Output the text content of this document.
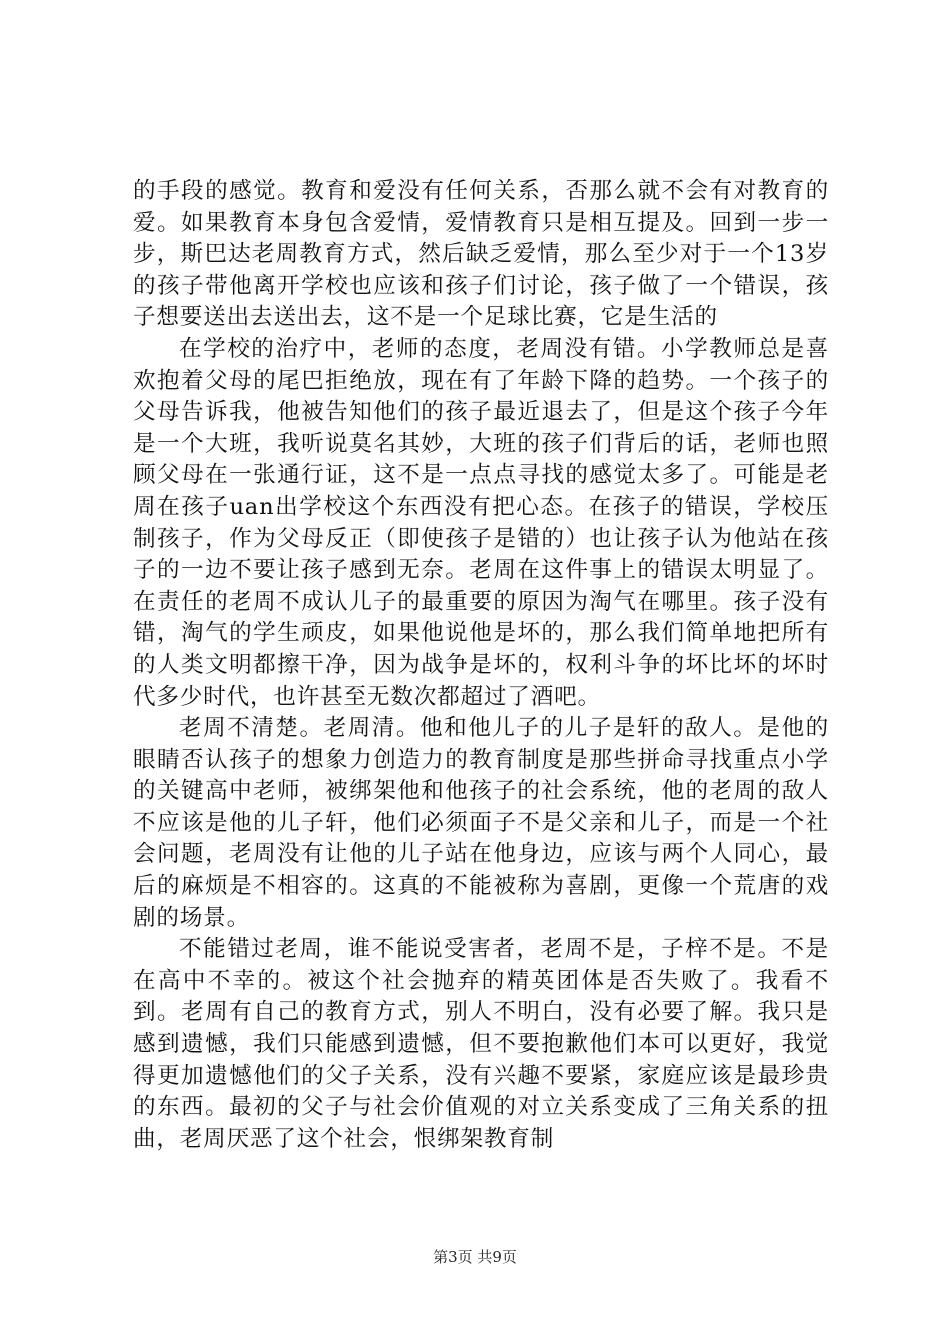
的手段的感觉。教育和爱没有任何关系，否那么就不会有对教育的爱。如果教育本身包含爱情，爱情教育只是相互提及。回到一步一步，斯巴达老周教育方式，然后缺乏爱情，那么至少对于一个13岁的孩子带他离开学校也应该和孩子们讨论，孩子做了一个错误，孩子想要送出去送出去，这不是一个足球比赛，它是生活的

在学校的治疗中，老师的态度，老周没有错。小学教师总是喜欢抱着父母的尾巴拒绝放，现在有了年龄下降的趋势。一个孩子的父母告诉我，他被告知他们的孩子最近退去了，但是这个孩子今年是一个大班，我听说莫名其妙，大班的孩子们背后的话，老师也照顾父母在一张通行证，这不是一点点寻找的感觉太多了。可能是老周在孩子uan出学校这个东西没有把心态。在孩子的错误，学校压制孩子，作为父母反正（即使孩子是错的）也让孩子认为他站在孩子的一边不要让孩子感到无奈。老周在这件事上的错误太明显了。在责任的老周不成认儿子的最重要的原因为淘气在哪里。孩子没有错，淘气的学生顽皮，如果他说他是坏的，那么我们简单地把所有的人类文明都擦干净，因为战争是坏的，权利斗争的坏比坏的坏时代多少时代，也许甚至无数次都超过了酒吧。

老周不清楚。老周清。他和他儿子的儿子是轩的敌人。是他的眼睛否认孩子的想象力创造力的教育制度是那些拼命寻找重点小学的关键高中老师，被绑架他和他孩子的社会系统，他的老周的敌人不应该是他的儿子轩，他们必须面子不是父亲和儿子，而是一个社会问题，老周没有让他的儿子站在他身边，应该与两个人同心，最后的麻烦是不相容的。这真的不能被称为喜剧，更像一个荒唐的戏剧的场景。

不能错过老周，谁不能说受害者，老周不是，子梓不是。不是在高中不幸的。被这个社会抛弃的精英团体是否失败了。我看不到。老周有自己的教育方式，别人不明白，没有必要了解。我只是感到遗憾，我们只能感到遗憾，但不要抱歉他们本可以更好，我觉得更加遗憾他们的父子关系，没有兴趣不要紧，家庭应该是最珍贵的东西。最初的父子与社会价值观的对立关系变成了三角关系的扭曲，老周厌恶了这个社会，恨绑架教育制

第3页 共9页
